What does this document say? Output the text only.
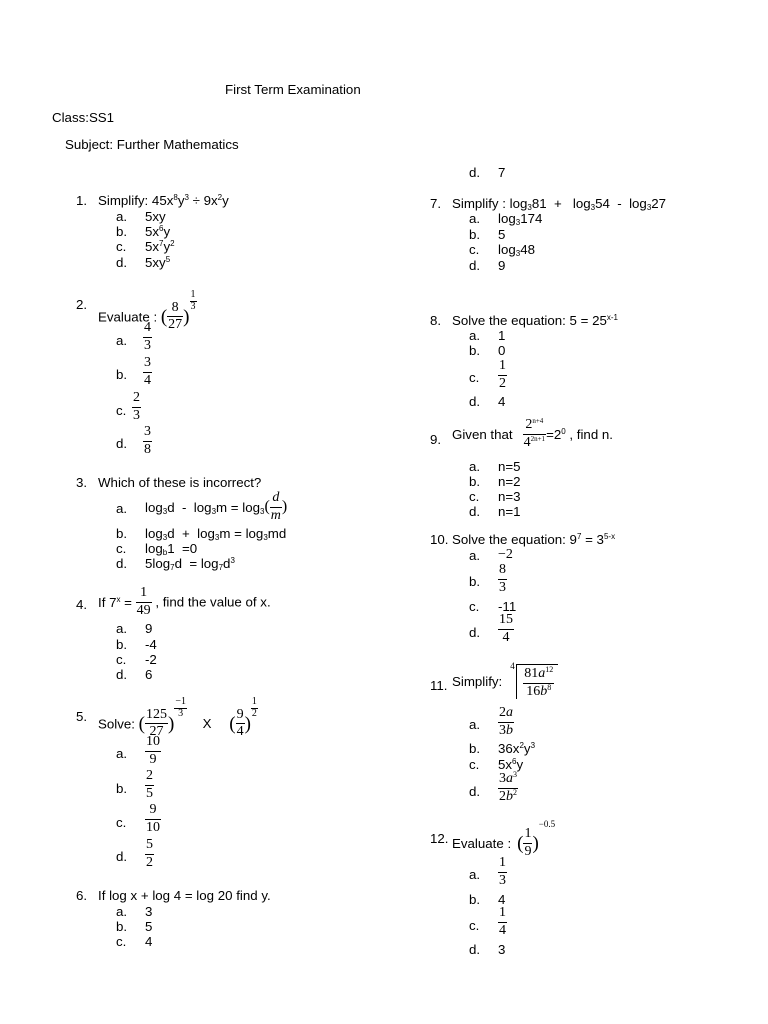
First Term Examination
Class:SS1
Subject: Further Mathematics
1. Simplify: $45x^8y^3 \div 9x^2y$
a. 5xy
b. $5x^6y$
c. $5x^7y^2$
d. $5xy^5$
2.
Evaluate : ( $\frac{8}{27}$ )
$\frac{1}{3}$
a. $\frac{4}{3}$
b. $\frac{3}{4}$
c. $\frac{2}{3}$
d. $\frac{3}{8}$
3. Which of these is incorrect?
a. $\log_3d - \log_3m = \log_3( \frac{d}{m}$ )
b. $\log_3d + \log_3m = \log_3md$
c. $\log_b1 =0$
d. $5\log_7d = \log_7d^3$
4. If $7^x = \frac{1}{49}$ , find the value of x.
a. 9
b. -4
c. -2
d. 6
5. Solve: ( $\frac{125}{27}$ )
$\frac{-1}{3}$
X ( $\frac{9}{4}$ )
$\frac{1}{2}$
a. $\frac{10}{9}$
b. $\frac{2}{5}$
c. $\frac{9}{10}$
d. $\frac{5}{2}$
6. If log x + log 4 = log 20 find y.
a. 3
b. 5
c. 4
d. 7
7. Simplify : $\log_381 + \log_354 - \log_327$
a. $\log_3174$
b. 5
c. $\log_348$
d. 9
8. Solve the equation: $5 = 25^{x-1}$
a. 1
b. 0
c. $\frac{1}{2}$
d. 4
9. Given that $\frac{2^{n+4}}{4^{2n+1}} =2^0$ , find n.
a. n=5
b. n=2
c. n=3
d. n=1
10. Solve the equation: $9^7 = 3^{5-x}$
a. −2
b. $\frac{8}{3}$
c. -11
d. $\frac{15}{4}$
11. Simplify:
4
$\frac{81a^{12}}{16b^8}$
a. $\frac{2a}{3b}$
b. $36x^2y^3$
c. $5x^6y$
d. $\frac{3a^3}{2b^2}$
12. Evaluate : ( $\frac{1}{9} )^{-0.5}$
a. $\frac{1}{3}$
b. 4
c. $\frac{1}{4}$
d. 3
